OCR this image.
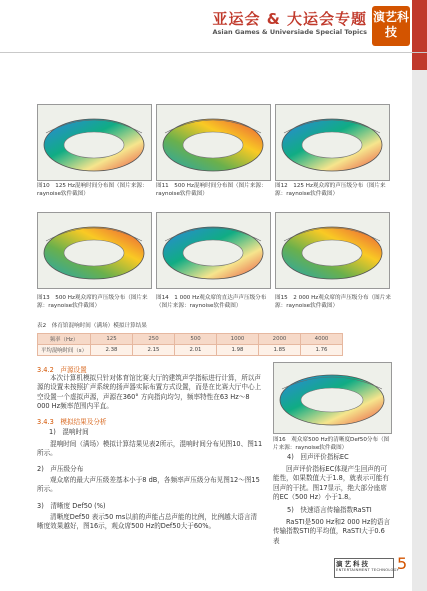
亚运会 & 大运会专题
Asian Games & Universiade Special Topics
演艺科技
图10　125 Hz混响时间分布图（图片来源：raynoise软件截图）
图11　500 Hz混响时间分布图（图片来源：raynoise软件截图）
图12　125 Hz观众席的声压级分布（图片来源：raynoise软件截图）
图13　500 Hz观众席的声压级分布（图片来源：raynoise软件截图）
图14　1 000 Hz观众席的直达声声压级分布（图片来源：raynoise软件截图）
图15　2 000 Hz观众席的声压级分布（图片来源：raynoise软件截图）
表2　体育馆混响时间（满场）模拟计算结果
频率（Hz）	125	250	500	1000	2000	4000
平均混响时间（s）	2.38	2.15	2.01	1.98	1.85	1.76
图16　观众席500 Hz的清晰度Def50分布（图片来源：raynoise软件截图）
3.4.2　声源设置
本次计算机模拟只针对体育馆比赛大厅的建筑声学指标进行计算，所以声源的设置未按照扩声系统的扬声器实际布置方式设置，而是在比赛大厅中心上空设置一个虚拟声源，声源在360° 方向指向均匀，频率特性在63 Hz～8 000 Hz频率范围内平直。
3.4.3　模拟结果及分析
1)　混响时间
混响时间（满场）模拟计算结果见表2所示，混响时间分布见图10、图11所示。
2)　声压级分布
观众席的最大声压级差基本小于8 dB，各频率声压级分布见图12～图15所示。
3)　清晰度 Def50 (%)
清晰度Def50 表示50 ms以前的声能占总声能的比例，比例越大语言清晰度效果越好，图16示，观众席500 Hz的Def50大于60%。
4)　回声评价指标EC
回声评价指标EC体现产生回声的可能性，如果数值大于1.8，就表示可能有回声的干扰。图17显示，绝大部分座席的EC（500 Hz）小于1.8。
5)　快速语言传输指数RaSTI
RaSTI是500 Hz和2 000 Hz的语言传输指数STI的平均值，RaSTI大于0.6表
演艺科技
ENTERTAINMENT TECHNOLOGY
5
